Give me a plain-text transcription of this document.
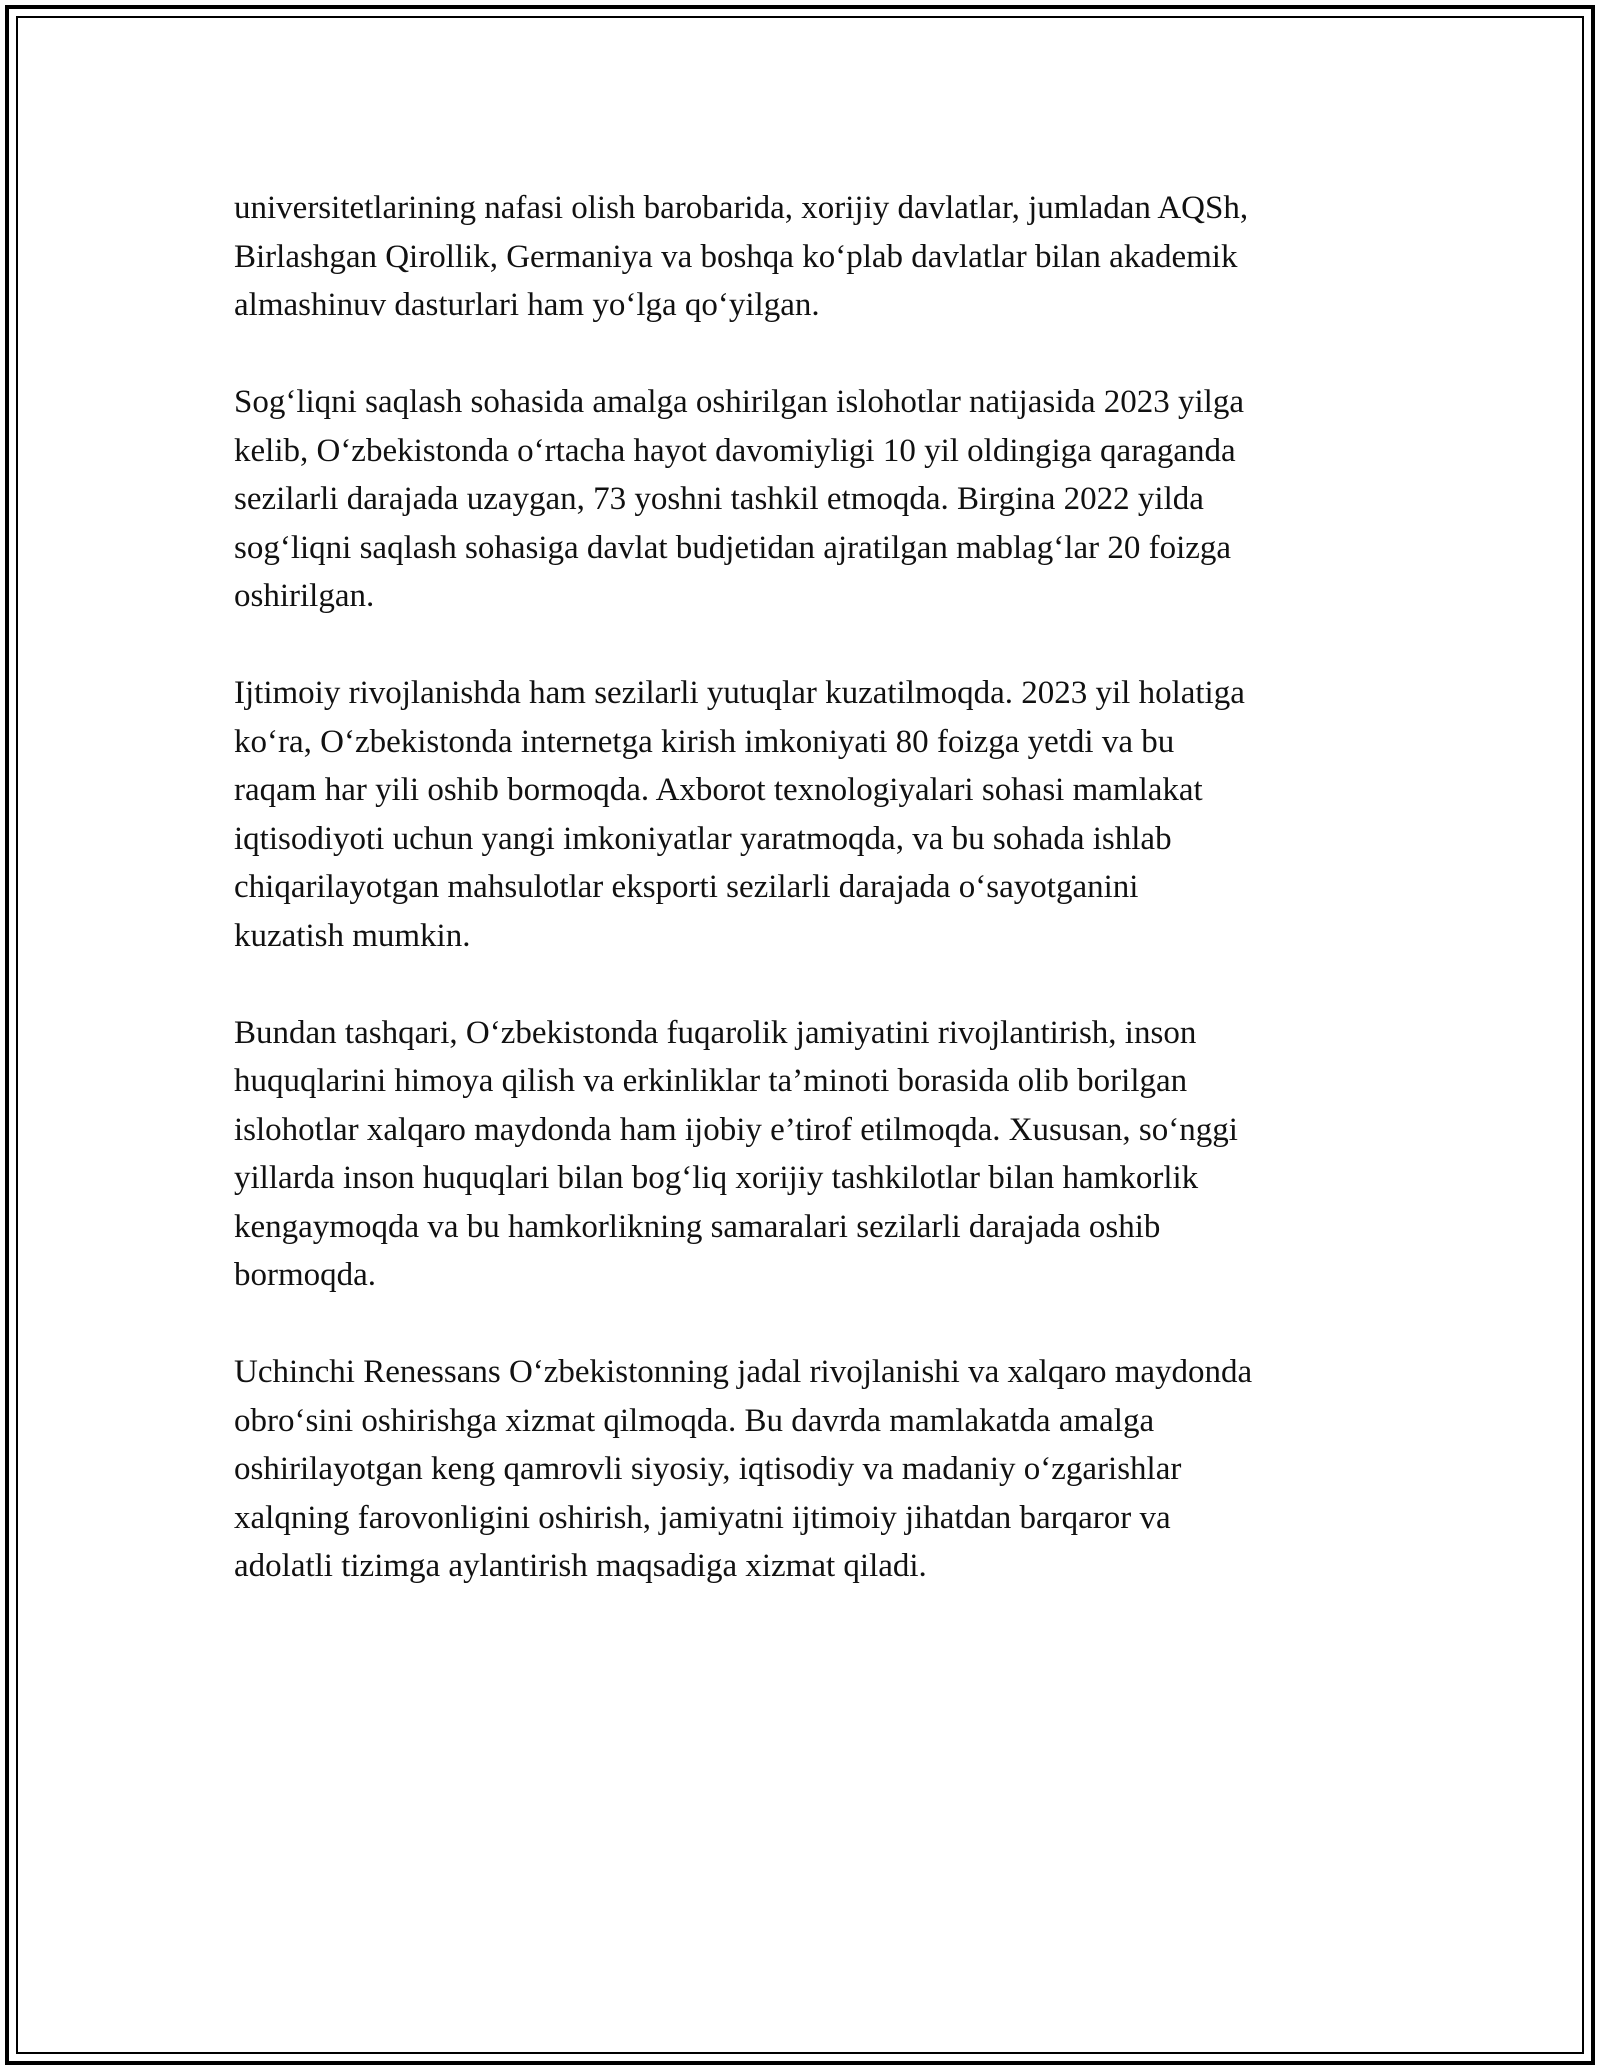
universitetlarining nafasi olish barobarida, xorijiy davlatlar, jumladan AQSh,
Birlashgan Qirollik, Germaniya va boshqa ko‘plab davlatlar bilan akademik
almashinuv dasturlari ham yo‘lga qo‘yilgan.

Sog‘liqni saqlash sohasida amalga oshirilgan islohotlar natijasida 2023 yilga
kelib, O‘zbekistonda o‘rtacha hayot davomiyligi 10 yil oldingiga qaraganda
sezilarli darajada uzaygan, 73 yoshni tashkil etmoqda. Birgina 2022 yilda
sog‘liqni saqlash sohasiga davlat budjetidan ajratilgan mablag‘lar 20 foizga
oshirilgan.

Ijtimoiy rivojlanishda ham sezilarli yutuqlar kuzatilmoqda. 2023 yil holatiga
ko‘ra, O‘zbekistonda internetga kirish imkoniyati 80 foizga yetdi va bu
raqam har yili oshib bormoqda. Axborot texnologiyalari sohasi mamlakat
iqtisodiyoti uchun yangi imkoniyatlar yaratmoqda, va bu sohada ishlab
chiqarilayotgan mahsulotlar eksporti sezilarli darajada o‘sayotganini
kuzatish mumkin.

Bundan tashqari, O‘zbekistonda fuqarolik jamiyatini rivojlantirish, inson
huquqlarini himoya qilish va erkinliklar ta’minoti borasida olib borilgan
islohotlar xalqaro maydonda ham ijobiy e’tirof etilmoqda. Xususan, so‘nggi
yillarda inson huquqlari bilan bog‘liq xorijiy tashkilotlar bilan hamkorlik
kengaymoqda va bu hamkorlikning samaralari sezilarli darajada oshib
bormoqda.

Uchinchi Renessans O‘zbekistonning jadal rivojlanishi va xalqaro maydonda
obro‘sini oshirishga xizmat qilmoqda. Bu davrda mamlakatda amalga
oshirilayotgan keng qamrovli siyosiy, iqtisodiy va madaniy o‘zgarishlar
xalqning farovonligini oshirish, jamiyatni ijtimoiy jihatdan barqaror va
adolatli tizimga aylantirish maqsadiga xizmat qiladi.
